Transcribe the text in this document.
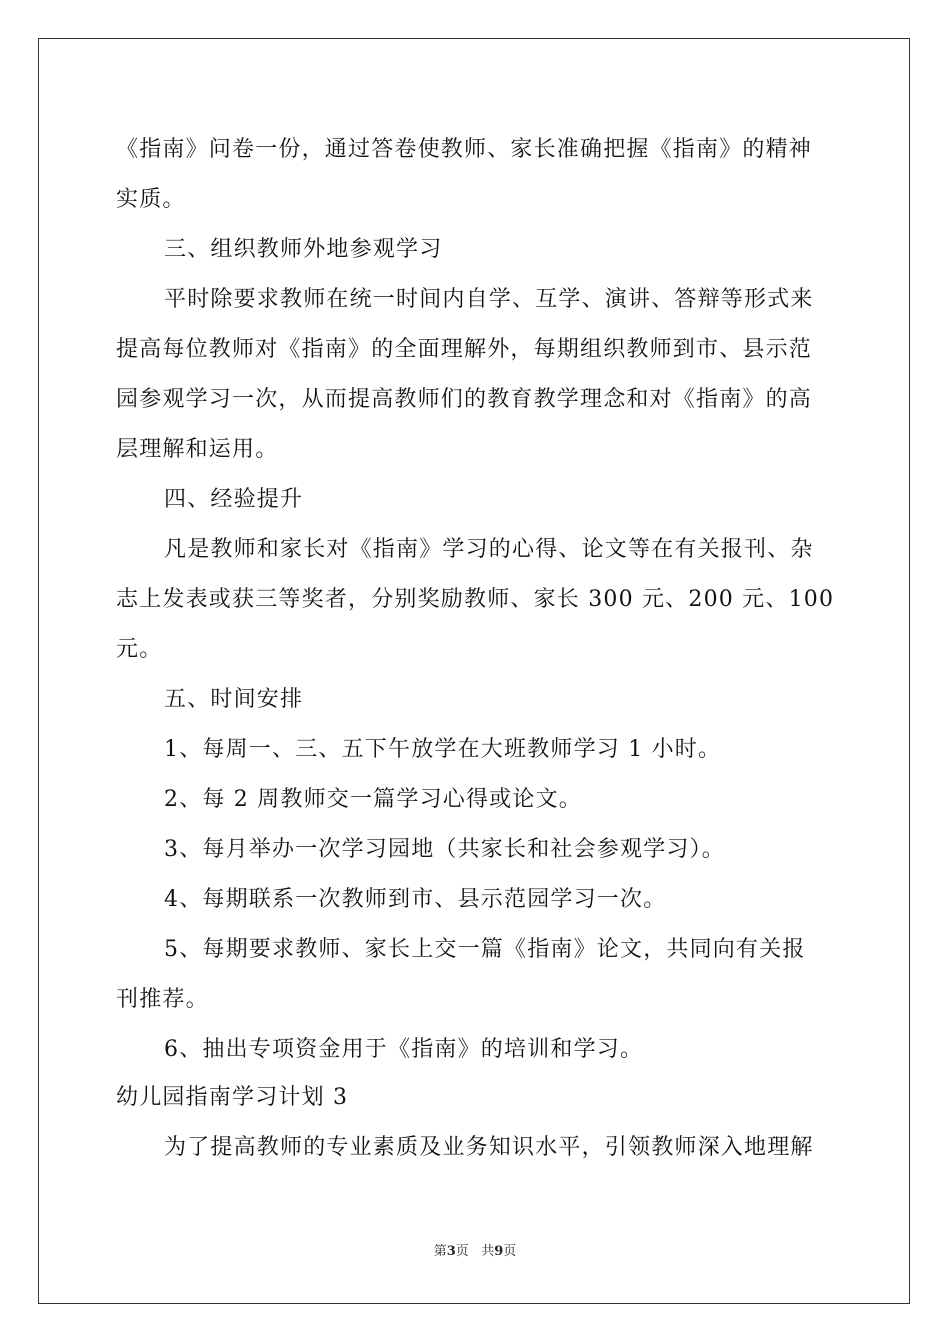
《指南》问卷一份，通过答卷使教师、家长准确把握《指南》的精神
实质。
三、组织教师外地参观学习
平时除要求教师在统一时间内自学、互学、演讲、答辩等形式来
提高每位教师对《指南》的全面理解外，每期组织教师到市、县示范
园参观学习一次，从而提高教师们的教育教学理念和对《指南》的高
层理解和运用。
四、经验提升
凡是教师和家长对《指南》学习的心得、论文等在有关报刊、杂
志上发表或获三等奖者，分别奖励教师、家长 300 元、200 元、100
元。
五、时间安排
1、每周一、三、五下午放学在大班教师学习 1 小时。
2、每 2 周教师交一篇学习心得或论文。
3、每月举办一次学习园地（共家长和社会参观学习）。
4、每期联系一次教师到市、县示范园学习一次。
5、每期要求教师、家长上交一篇《指南》论文，共同向有关报
刊推荐。
6、抽出专项资金用于《指南》的培训和学习。
幼儿园指南学习计划 3
为了提高教师的专业素质及业务知识水平，引领教师深入地理解
第3页 共9页
